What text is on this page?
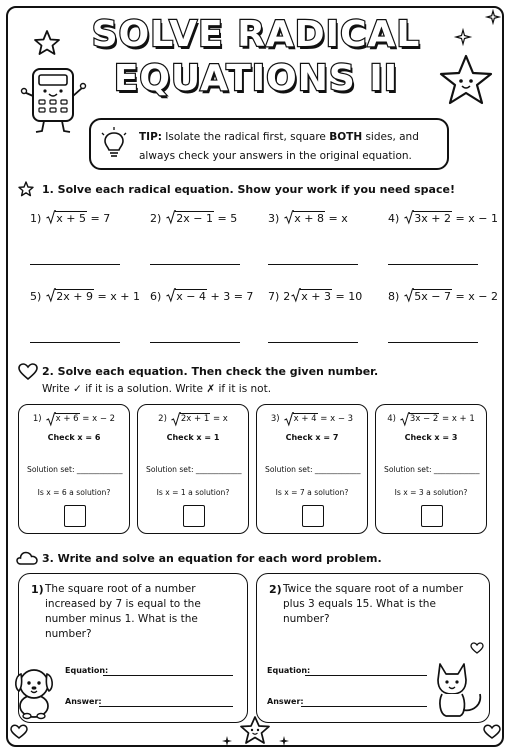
SOLVE RADICAL
EQUATIONS II
TIP: Isolate the radical first, square BOTH sides, and always check your answers in the original equation.
1. Solve each radical equation. Show your work if you need space!
1) x + 5 = 7	2) 2x − 1 = 5	3) x + 8 = x	4) 3x + 2 = x − 1
5) 2x + 9 = x + 1 6) x − 4 + 3 = 7 7) 2 x + 3 = 10 8) 5x − 7 = x − 2
2. Solve each equation. Then check the given number.
Write ✓ if it is a solution. Write ✗ if it is not.
1) x + 6 = x − 2
Check x = 6
Solution set: ____________
Is x = 6 a solution?
2) 2x + 1 = x
Check x = 1
Solution set: ____________
Is x = 1 a solution?
3) x + 4 = x − 3
Check x = 7
Solution set: ____________
Is x = 7 a solution?
4) 3x − 2 = x + 1
Check x = 3
Solution set: ____________
Is x = 3 a solution?
3. Write and solve an equation for each word problem.
1) The square root of a number increased by 7 is equal to the number minus 1. What is the number?
Equation:
Answer:
2) Twice the square root of a number plus 3 equals 15. What is the number?
Equation:
Answer:
